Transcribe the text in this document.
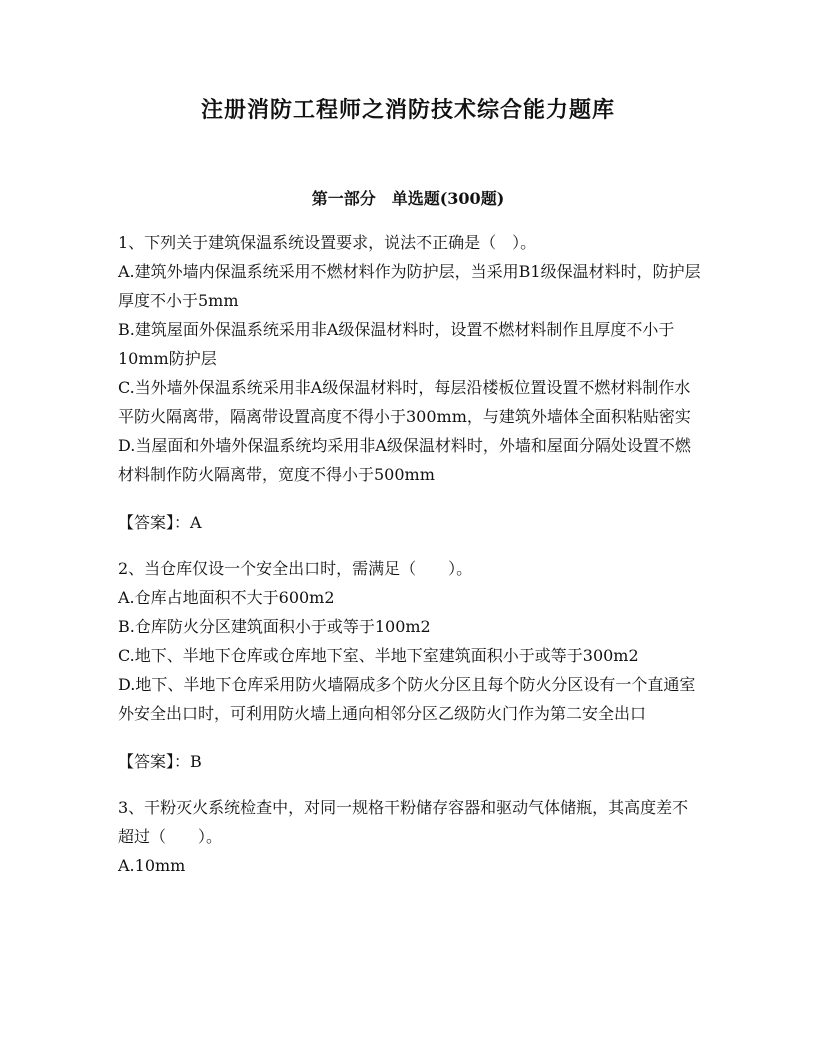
注册消防工程师之消防技术综合能力题库
第一部分　单选题(300题)

1、下列关于建筑保温系统设置要求，说法不正确是（　）。

A.建筑外墙内保温系统采用不燃材料作为防护层，当采用B1级保温材料时，防护层厚度不小于5mm

B.建筑屋面外保温系统采用非A级保温材料时，设置不燃材料制作且厚度不小于10mm防护层

C.当外墙外保温系统采用非A级保温材料时，每层沿楼板位置设置不燃材料制作水平防火隔离带，隔离带设置高度不得小于300mm，与建筑外墙体全面积粘贴密实

D.当屋面和外墙外保温系统均采用非A级保温材料时，外墙和屋面分隔处设置不燃材料制作防火隔离带，宽度不得小于500mm

【答案】：A

2、当仓库仅设一个安全出口时，需满足（　　）。

A.仓库占地面积不大于600m2

B.仓库防火分区建筑面积小于或等于100m2

C.地下、半地下仓库或仓库地下室、半地下室建筑面积小于或等于300m2

D.地下、半地下仓库采用防火墙隔成多个防火分区且每个防火分区设有一个直通室外安全出口时，可利用防火墙上通向相邻分区乙级防火门作为第二安全出口

【答案】：B

3、干粉灭火系统检查中，对同一规格干粉储存容器和驱动气体储瓶，其高度差不超过（　　）。

A.10mm
